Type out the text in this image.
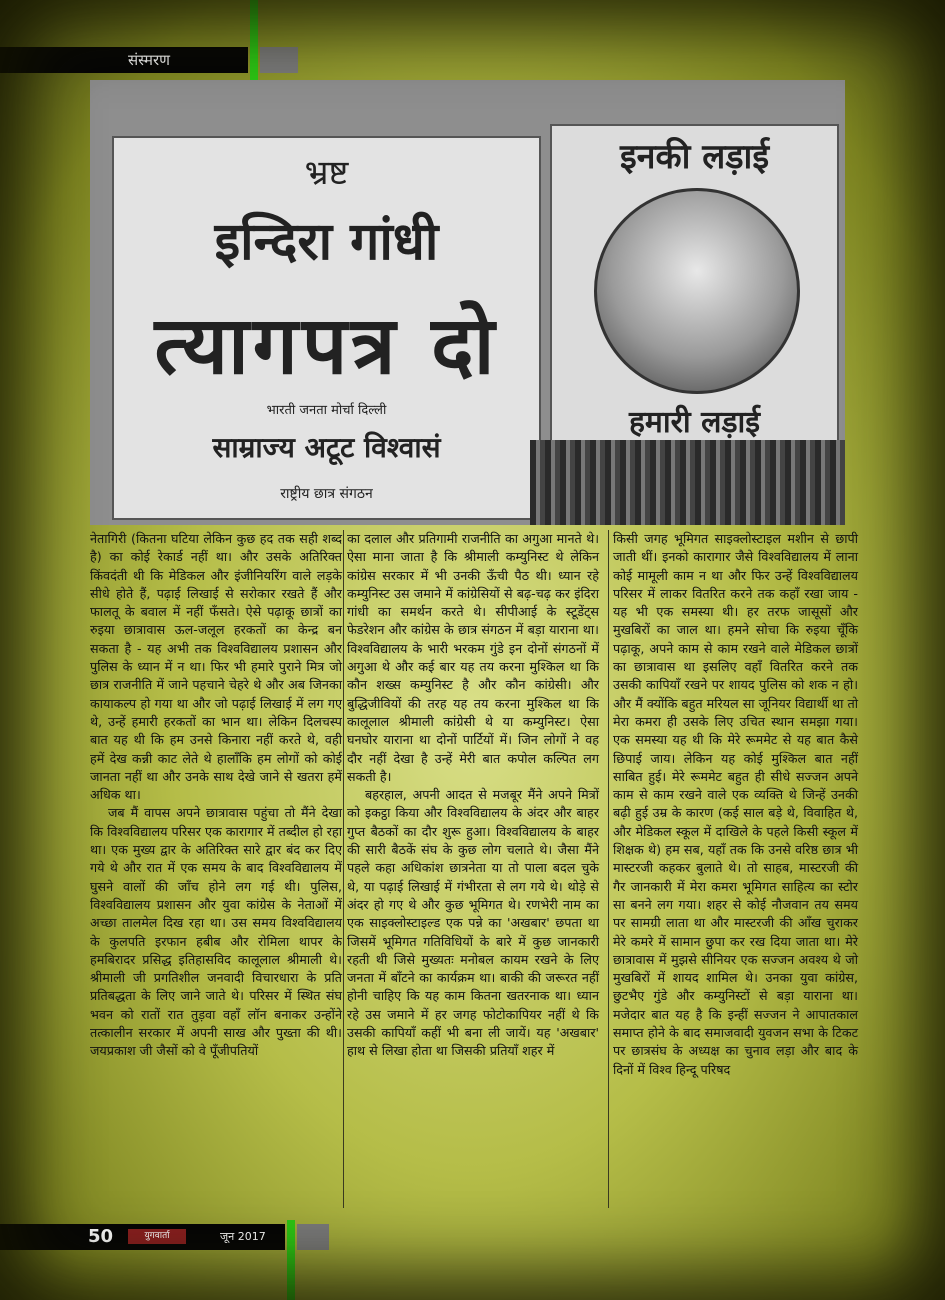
संस्मरण
भ्रष्ट
इन्दिरा गांधी
त्यागपत्र दो
भारती जनता मोर्चा दिल्ली
साम्राज्य अटूट विश्वासं
राष्ट्रीय छात्र संगठन
इनकी लड़ाई
हमारी लड़ाई

नेतागिरी (कितना घटिया लेकिन कुछ हद तक सही शब्द है) का कोई रेकार्ड नहीं था। और उसके अतिरिक्त किंवदंती थी कि मेडिकल और इंजीनियरिंग वाले लड़के सीधे होते हैं, पढ़ाई लिखाई से सरोकार रखते हैं और फालतू के बवाल में नहीं फँसते। ऐसे पढ़ाकू छात्रों का रुइया छात्रावास ऊल-जलूल हरकतों का केन्द्र बन सकता है - यह अभी तक विश्वविद्यालय प्रशासन और पुलिस के ध्यान में न था। फिर भी हमारे पुराने मित्र जो छात्र राजनीति में जाने पहचाने चेहरे थे और अब जिनका कायाकल्प हो गया था और जो पढ़ाई लिखाई में लग गए थे, उन्हें हमारी हरकतों का भान था। लेकिन दिलचस्प बात यह थी कि हम उनसे किनारा नहीं करते थे, वही हमें देख कन्नी काट लेते थे हालाँकि हम लोगों को कोई जानता नहीं था और उनके साथ देखे जाने से खतरा हमें अधिक था।

जब मैं वापस अपने छात्रावास पहुंचा तो मैंने देखा कि विश्वविद्यालय परिसर एक कारागार में तब्दील हो रहा था। एक मुख्य द्वार के अतिरिक्त सारे द्वार बंद कर दिए गये थे और रात में एक समय के बाद विश्वविद्यालय में घुसने वालों की जाँच होने लग गई थी। पुलिस, विश्वविद्यालय प्रशासन और युवा कांग्रेस के नेताओं में अच्छा तालमेल दिख रहा था। उस समय विश्वविद्यालय के कुलपति इरफान हबीब और रोमिला थापर के हमबिरादर प्रसिद्ध इतिहासविद कालूलाल श्रीमाली थे। श्रीमाली जी प्रगतिशील जनवादी विचारधारा के प्रति प्रतिबद्धता के लिए जाने जाते थे। परिसर में स्थित संघ भवन को रातों रात तुड़वा वहाँ लॉन बनाकर उन्होंने तत्कालीन सरकार में अपनी साख और पुख्ता की थी। जयप्रकाश जी जैसों को वे पूँजीपतियों

का दलाल और प्रतिगामी राजनीति का अगुआ मानते थे। ऐसा माना जाता है कि श्रीमाली कम्युनिस्ट थे लेकिन कांग्रेस सरकार में भी उनकी ऊँची पैठ थी। ध्यान रहे कम्युनिस्ट उस जमाने में कांग्रेसियों से बढ़-चढ़ कर इंदिरा गांधी का समर्थन करते थे। सीपीआई के स्टूडेंट्स फेडरेशन और कांग्रेस के छात्र संगठन में बड़ा याराना था। विश्वविद्यालय के भारी भरकम गुंडे इन दोनों संगठनों में अगुआ थे और कई बार यह तय करना मुश्किल था कि कौन शख्स कम्युनिस्ट है और कौन कांग्रेसी। और बुद्धिजीवियों की तरह यह तय करना मुश्किल था कि कालूलाल श्रीमाली कांग्रेसी थे या कम्युनिस्ट। ऐसा घनघोर याराना था दोनों पार्टियों में। जिन लोगों ने वह दौर नहीं देखा है उन्हें मेरी बात कपोल कल्पित लग सकती है।

बहरहाल, अपनी आदत से मजबूर मैंने अपने मित्रों को इकट्ठा किया और विश्वविद्यालय के अंदर और बाहर गुप्त बैठकों का दौर शुरू हुआ। विश्वविद्यालय के बाहर की सारी बैठकें संघ के कुछ लोग चलाते थे। जैसा मैंने पहले कहा अधिकांश छात्रनेता या तो पाला बदल चुके थे, या पढ़ाई लिखाई में गंभीरता से लग गये थे। थोड़े से अंदर हो गए थे और कुछ भूमिगत थे। रणभेरी नाम का एक साइक्लोस्टाइल्ड एक पन्ने का 'अखबार' छपता था जिसमें भूमिगत गतिविधियों के बारे में कुछ जानकारी रहती थी जिसे मुख्यतः मनोबल कायम रखने के लिए जनता में बाँटने का कार्यक्रम था। बाकी की जरूरत नहीं होनी चाहिए कि यह काम कितना खतरनाक था। ध्यान रहे उस जमाने में हर जगह फोटोकापियर नहीं थे कि उसकी कापियाँ कहीं भी बना ली जायें। यह 'अखबार' हाथ से लिखा होता था जिसकी प्रतियाँ शहर में

किसी जगह भूमिगत साइक्लोस्टाइल मशीन से छापी जाती थीं। इनको कारागार जैसे विश्वविद्यालय में लाना कोई मामूली काम न था और फिर उन्हें विश्वविद्यालय परिसर में लाकर वितरित करने तक कहाँ रखा जाय - यह भी एक समस्या थी। हर तरफ जासूसों और मुखबिरों का जाल था। हमने सोचा कि रुइया चूँकि पढ़ाकू, अपने काम से काम रखने वाले मेडिकल छात्रों का छात्रावास था इसलिए वहाँ वितरित करने तक उसकी कापियाँ रखने पर शायद पुलिस को शक न हो। और मैं क्योंकि बहुत मरियल सा जूनियर विद्यार्थी था तो मेरा कमरा ही उसके लिए उचित स्थान समझा गया। एक समस्या यह थी कि मेरे रूममेट से यह बात कैसे छिपाई जाय। लेकिन यह कोई मुश्किल बात नहीं साबित हुई। मेरे रूममेट बहुत ही सीधे सज्जन अपने काम से काम रखने वाले एक व्यक्ति थे जिन्हें उनकी बढ़ी हुई उम्र के कारण (कई साल बड़े थे, विवाहित थे, और मेडिकल स्कूल में दाखिले के पहले किसी स्कूल में शिक्षक थे) हम सब, यहाँ तक कि उनसे वरिष्ठ छात्र भी मास्टरजी कहकर बुलाते थे। तो साहब, मास्टरजी की गैर जानकारी में मेरा कमरा भूमिगत साहित्य का स्टोर सा बनने लग गया। शहर से कोई नौजवान तय समय पर सामग्री लाता था और मास्टरजी की आँख चुराकर मेरे कमरे में सामान छुपा कर रख दिया जाता था। मेरे छात्रावास में मुझसे सीनियर एक सज्जन अवश्य थे जो मुखबिरों में शायद शामिल थे। उनका युवा कांग्रेस, छुटभैए गुंडे और कम्युनिस्टों से बड़ा याराना था। मजेदार बात यह है कि इन्हीं सज्जन ने आपातकाल समाप्त होने के बाद समाजवादी युवजन सभा के टिकट पर छात्रसंघ के अध्यक्ष का चुनाव लड़ा और बाद के दिनों में विश्व हिन्दू परिषद

50	युगवार्ता	जून 2017
